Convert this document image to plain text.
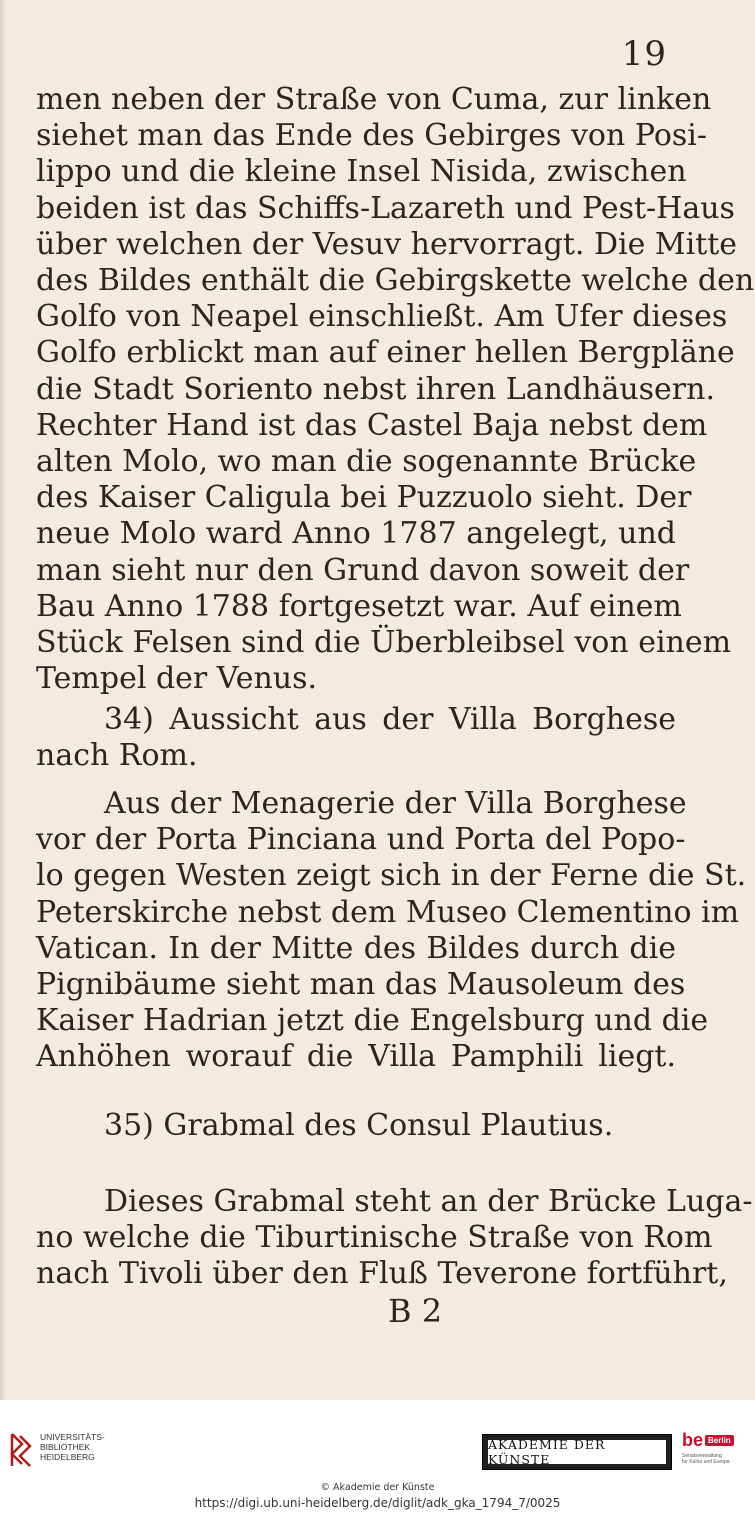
19
men neben der Straße von Cuma, zur linken
siehet man das Ende des Gebirges von Posi-
lippo und die kleine Insel Nisida, zwischen
beiden ist das Schiffs-Lazareth und Pest-Haus
über welchen der Vesuv hervorragt. Die Mitte
des Bildes enthält die Gebirgskette welche den
Golfo von Neapel einschließt. Am Ufer dieses
Golfo erblickt man auf einer hellen Bergpläne
die Stadt Soriento nebst ihren Landhäusern.
Rechter Hand ist das Castel Baja nebst dem
alten Molo, wo man die sogenannte Brücke
des Kaiser Caligula bei Puzzuolo sieht. Der
neue Molo ward Anno 1787 angelegt, und
man sieht nur den Grund davon soweit der
Bau Anno 1788 fortgesetzt war. Auf einem
Stück Felsen sind die Überbleibsel von einem
Tempel der Venus.
34) Aussicht aus der Villa Borghese
nach Rom.
Aus der Menagerie der Villa Borghese
vor der Porta Pinciana und Porta del Popo-
lo gegen Westen zeigt sich in der Ferne die St.
Peterskirche nebst dem Museo Clementino im
Vatican. In der Mitte des Bildes durch die
Pignibäume sieht man das Mausoleum des
Kaiser Hadrian jetzt die Engelsburg und die
Anhöhen worauf die Villa Pamphili liegt.
35) Grabmal des Consul Plautius.
Dieses Grabmal steht an der Brücke Luga-
no welche die Tiburtinische Straße von Rom
nach Tivoli über den Fluß Teverone fortführt,
B 2
UNIVERSITÄTS-
BIBLIOTHEK
HEIDELBERG
AKADEMIE DER KÜNSTE
be Berlin
Senatsverwaltung
für Kultur und Europa
© Akademie der Künste
https://digi.ub.uni-heidelberg.de/diglit/adk_gka_1794_7/0025
